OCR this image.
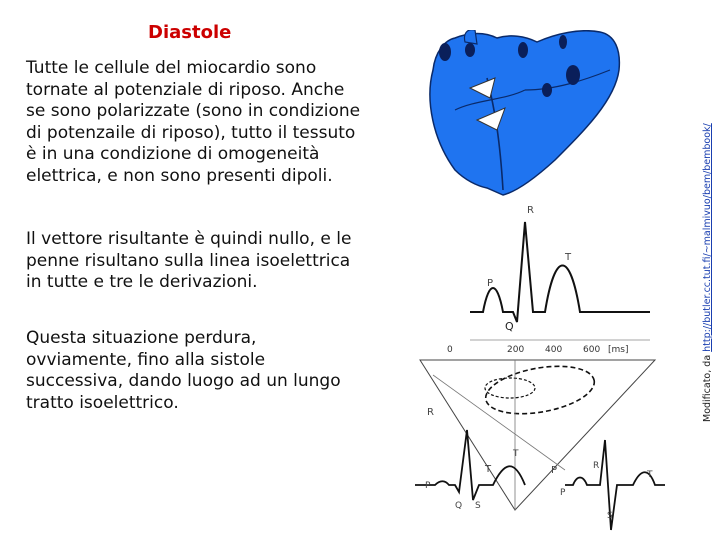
Diastole

Tutte le cellule del miocardio sono tornate al potenziale di riposo. Anche se sono polarizzate (sono in condizione di potenzaile di riposo), tutto il tessuto è in una condizione di omogeneità elettrica, e non sono presenti dipoli.

Il vettore risultante è quindi nullo, e le penne risultano sulla linea isoelettrica in tutte e tre le derivazioni.

Questa situazione perdura, ovviamente, fino alla sistole successiva, dando luogo ad un lungo tratto isoelettrico.

R
T
P
Q
0	200 400 600 [ms]
R
T	P
P
T
Q S
R
P
T
S
Modificato, da http://butler.cc.tut.fi/~malmivuo/bem/bembook/
